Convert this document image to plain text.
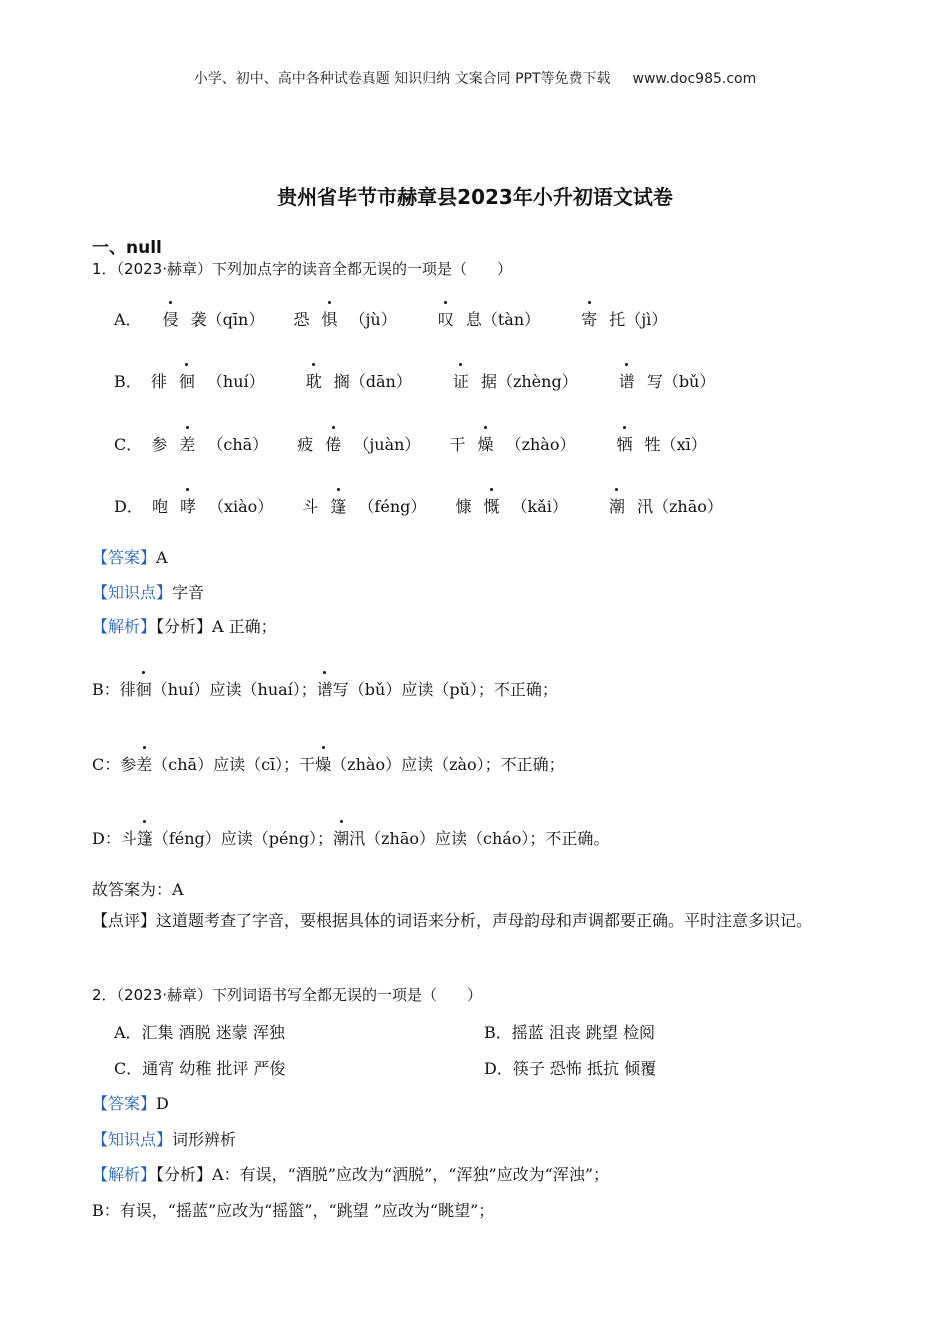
小学、初中、高中各种试卷真题 知识归纳 文案合同 PPT等免费下载 www.doc985.com
贵州省毕节市赫章县2023年小升初语文试卷
一、null
1．（2023·赫章）下列加点字的读音全都无误的一项是（　　）
A． 侵 袭（qīn） 恐 惧 （jù）	叹 息（tàn）	寄 托（jì）
B． 徘 徊 （huí）	耽 搁（dān）	证 据（zhèng）	谱 写（bǔ）
C． 参 差 （chā） 疲 倦 （juàn） 干 燥 （zhào）	牺 牲（xī）
D． 咆 哮 （xiào） 斗 篷 （féng） 慷 慨 （kǎi）	潮 汛（zhāo）
【答案】A
【知识点】字音
【解析】【分析】A 正确；
B：徘徊（huí）应读（huaí）；谱写（bǔ）应读（pǔ）；不正确；
C：参差（chā）应读（cī）；干燥（zhào）应读（zào）；不正确；
D：斗篷（féng）应读（péng）；潮汛（zhāo）应读（cháo）；不正确。
故答案为：A
【点评】这道题考查了字音，要根据具体的词语来分析，声母韵母和声调都要正确。平时注意多识记。
2．（2023·赫章）下列词语书写全都无误的一项是（　　）
A．汇集 酒脱 迷蒙 浑独	B．摇蓝 沮丧 跳望 检阅
C．通宵 幼稚 批评 严俊	D．筷子 恐怖 抵抗 倾覆
【答案】D
【知识点】词形辨析
【解析】【分析】A：有误，“酒脱”应改为“洒脱”，“浑独”应改为“浑浊”；
B：有误，“摇蓝”应改为“摇篮”，“跳望 ”应改为“眺望”；
